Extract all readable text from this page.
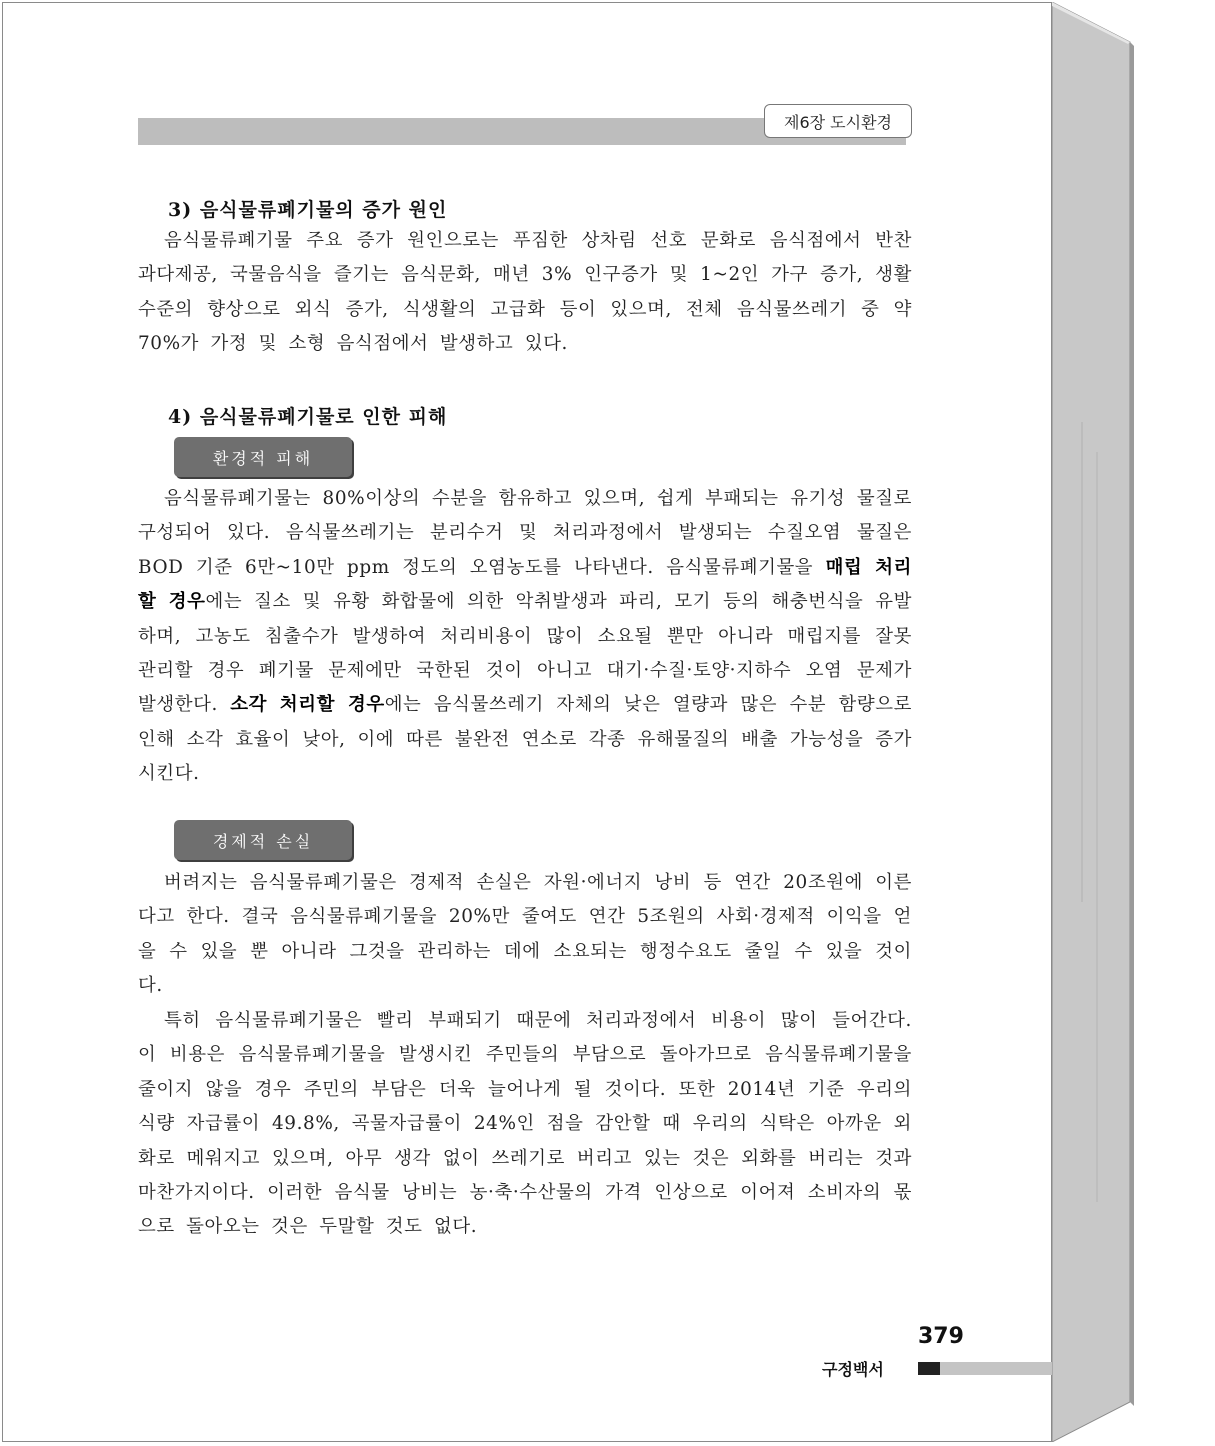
제6장 도시환경
3) 음식물류폐기물의 증가 원인
음식물류폐기물 주요 증가 원인으로는 푸짐한 상차림 선호 문화로 음식점에서 반찬 과다제공, 국물음식을 즐기는 음식문화, 매년 3% 인구증가 및 1~2인 가구 증가, 생활수준의 향상으로 외식 증가, 식생활의 고급화 등이 있으며, 전체 음식물쓰레기 중 약 70%가 가정 및 소형 음식점에서 발생하고 있다.
4) 음식물류폐기물로 인한 피해
환경적 피해
음식물류폐기물는 80%이상의 수분을 함유하고 있으며, 쉽게 부패되는 유기성 물질로 구성되어 있다. 음식물쓰레기는 분리수거 및 처리과정에서 발생되는 수질오염 물질은 BOD 기준 6만~10만 ppm 정도의 오염농도를 나타낸다. 음식물류폐기물을 매립 처리할 경우에는 질소 및 유황 화합물에 의한 악취발생과 파리, 모기 등의 해충번식을 유발하며, 고농도 침출수가 발생하여 처리비용이 많이 소요될 뿐만 아니라 매립지를 잘못 관리할 경우 폐기물 문제에만 국한된 것이 아니고 대기·수질·토양·지하수 오염 문제가 발생한다. 소각 처리할 경우에는 음식물쓰레기 자체의 낮은 열량과 많은 수분 함량으로 인해 소각 효율이 낮아, 이에 따른 불완전 연소로 각종 유해물질의 배출 가능성을 증가시킨다.
경제적 손실
버려지는 음식물류폐기물은 경제적 손실은 자원·에너지 낭비 등 연간 20조원에 이른다고 한다. 결국 음식물류폐기물을 20%만 줄여도 연간 5조원의 사회·경제적 이익을 얻을 수 있을 뿐 아니라 그것을 관리하는 데에 소요되는 행정수요도 줄일 수 있을 것이다.
특히 음식물류폐기물은 빨리 부패되기 때문에 처리과정에서 비용이 많이 들어간다. 이 비용은 음식물류폐기물을 발생시킨 주민들의 부담으로 돌아가므로 음식물류폐기물을 줄이지 않을 경우 주민의 부담은 더욱 늘어나게 될 것이다. 또한 2014년 기준 우리의 식량 자급률이 49.8%, 곡물자급률이 24%인 점을 감안할 때 우리의 식탁은 아까운 외화로 메워지고 있으며, 아무 생각 없이 쓰레기로 버리고 있는 것은 외화를 버리는 것과 마찬가지이다. 이러한 음식물 낭비는 농·축·수산물의 가격 인상으로 이어져 소비자의 몫으로 돌아오는 것은 두말할 것도 없다.
379
구정백서
